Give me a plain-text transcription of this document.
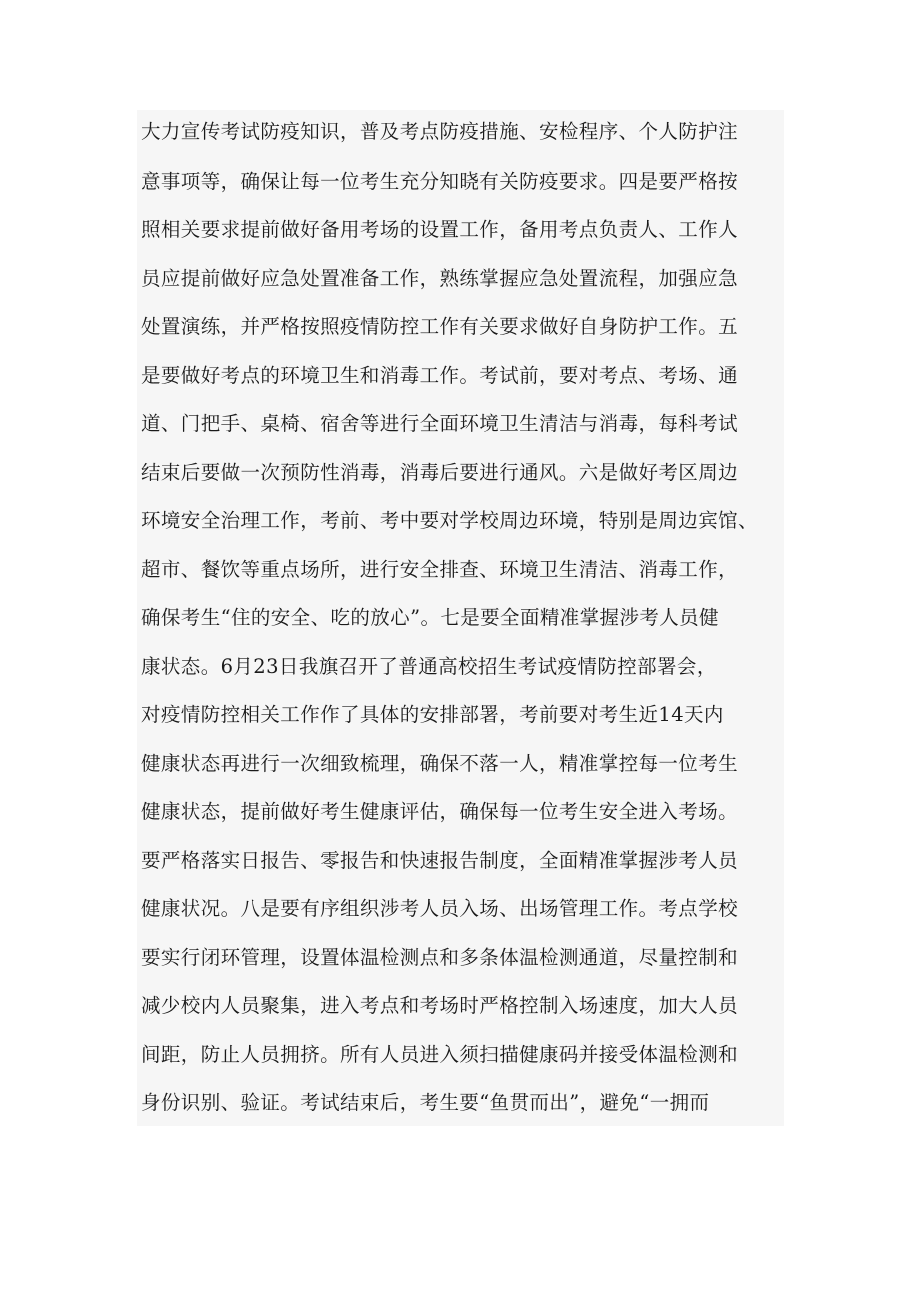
大力宣传考试防疫知识，普及考点防疫措施、安检程序、个人防护注
意事项等，确保让每一位考生充分知晓有关防疫要求。四是要严格按
照相关要求提前做好备用考场的设置工作，备用考点负责人、工作人
员应提前做好应急处置准备工作，熟练掌握应急处置流程，加强应急
处置演练，并严格按照疫情防控工作有关要求做好自身防护工作。五
是要做好考点的环境卫生和消毒工作。考试前，要对考点、考场、通
道、门把手、桌椅、宿舍等进行全面环境卫生清洁与消毒，每科考试
结束后要做一次预防性消毒，消毒后要进行通风。六是做好考区周边
环境安全治理工作，考前、考中要对学校周边环境，特别是周边宾馆、
超市、餐饮等重点场所，进行安全排查、环境卫生清洁、消毒工作，
确保考生“住的安全、吃的放心”。七是要全面精准掌握涉考人员健
康状态。6月23日我旗召开了普通高校招生考试疫情防控部署会，
对疫情防控相关工作作了具体的安排部署，考前要对考生近14天内
健康状态再进行一次细致梳理，确保不落一人，精准掌控每一位考生
健康状态，提前做好考生健康评估，确保每一位考生安全进入考场。
要严格落实日报告、零报告和快速报告制度，全面精准掌握涉考人员
健康状况。八是要有序组织涉考人员入场、出场管理工作。考点学校
要实行闭环管理，设置体温检测点和多条体温检测通道，尽量控制和
减少校内人员聚集，进入考点和考场时严格控制入场速度，加大人员
间距，防止人员拥挤。所有人员进入须扫描健康码并接受体温检测和
身份识别、验证。考试结束后，考生要“鱼贯而出”，避免“一拥而
